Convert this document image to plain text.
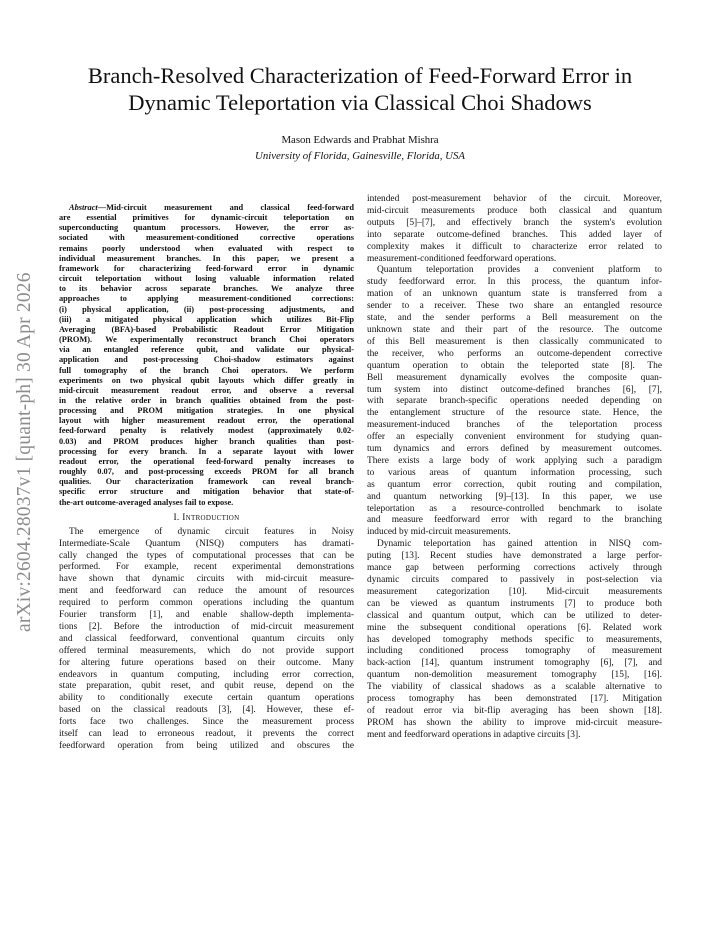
arXiv:2604.28037v1 [quant-ph] 30 Apr 2026
Branch-Resolved Characterization of Feed-Forward Error in
Dynamic Teleportation via Classical Choi Shadows
Mason Edwards and Prabhat Mishra
University of Florida, Gainesville, Florida, USA
Abstract—Mid-circuit measurement and classical feed-forward
are essential primitives for dynamic-circuit teleportation on
superconducting quantum processors. However, the error as-
sociated with measurement-conditioned corrective operations
remains poorly understood when evaluated with respect to
individual measurement branches. In this paper, we present a
framework for characterizing feed-forward error in dynamic
circuit teleportation without losing valuable information related
to its behavior across separate branches. We analyze three
approaches to applying measurement-conditioned corrections:
(i) physical application, (ii) post-processing adjustments, and
(iii) a mitigated physical application which utilizes Bit-Flip
Averaging (BFA)-based Probabilistic Readout Error Mitigation
(PROM). We experimentally reconstruct branch Choi operators
via an entangled reference qubit, and validate our physical-
application and post-processing Choi-shadow estimators against
full tomography of the branch Choi operators. We perform
experiments on two physical qubit layouts which differ greatly in
mid-circuit measurement readout error, and observe a reversal
in the relative order in branch qualities obtained from the post-
processing and PROM mitigation strategies. In one physical
layout with higher measurement readout error, the operational
feed-forward penalty is relatively modest (approximately 0.02-
0.03) and PROM produces higher branch qualities than post-
processing for every branch. In a separate layout with lower
readout error, the operational feed-forward penalty increases to
roughly 0.07, and post-processing exceeds PROM for all branch
qualities. Our characterization framework can reveal branch-
specific error structure and mitigation behavior that state-of-
the-art outcome-averaged analyses fail to expose.
I. Introduction
The emergence of dynamic circuit features in Noisy
Intermediate-Scale Quantum (NISQ) computers has dramati-
cally changed the types of computational processes that can be
performed. For example, recent experimental demonstrations
have shown that dynamic circuits with mid-circuit measure-
ment and feedforward can reduce the amount of resources
required to perform common operations including the quantum
Fourier transform [1], and enable shallow-depth implementa-
tions [2]. Before the introduction of mid-circuit measurement
and classical feedforward, conventional quantum circuits only
offered terminal measurements, which do not provide support
for altering future operations based on their outcome. Many
endeavors in quantum computing, including error correction,
state preparation, qubit reset, and qubit reuse, depend on the
ability to conditionally execute certain quantum operations
based on the classical readouts [3], [4]. However, these ef-
forts face two challenges. Since the measurement process
itself can lead to erroneous readout, it prevents the correct
feedforward operation from being utilized and obscures the
intended post-measurement behavior of the circuit. Moreover,
mid-circuit measurements produce both classical and quantum
outputs [5]–[7], and effectively branch the system's evolution
into separate outcome-defined branches. This added layer of
complexity makes it difficult to characterize error related to
measurement-conditioned feedforward operations.
Quantum teleportation provides a convenient platform to
study feedforward error. In this process, the quantum infor-
mation of an unknown quantum state is transferred from a
sender to a receiver. These two share an entangled resource
state, and the sender performs a Bell measurement on the
unknown state and their part of the resource. The outcome
of this Bell measurement is then classically communicated to
the receiver, who performs an outcome-dependent corrective
quantum operation to obtain the teleported state [8]. The
Bell measurement dynamically evolves the composite quan-
tum system into distinct outcome-defined branches [6], [7],
with separate branch-specific operations needed depending on
the entanglement structure of the resource state. Hence, the
measurement-induced branches of the teleportation process
offer an especially convenient environment for studying quan-
tum dynamics and errors defined by measurement outcomes.
There exists a large body of work applying such a paradigm
to various areas of quantum information processing, such
as quantum error correction, qubit routing and compilation,
and quantum networking [9]–[13]. In this paper, we use
teleportation as a resource-controlled benchmark to isolate
and measure feedforward error with regard to the branching
induced by mid-circuit measurements.
Dynamic teleportation has gained attention in NISQ com-
puting [13]. Recent studies have demonstrated a large perfor-
mance gap between performing corrections actively through
dynamic circuits compared to passively in post-selection via
measurement categorization [10]. Mid-circuit measurements
can be viewed as quantum instruments [7] to produce both
classical and quantum output, which can be utilized to deter-
mine the subsequent conditional operations [6]. Related work
has developed tomography methods specific to measurements,
including conditioned process tomography of measurement
back-action [14], quantum instrument tomography [6], [7], and
quantum non-demolition measurement tomography [15], [16].
The viability of classical shadows as a scalable alternative to
process tomography has been demonstrated [17]. Mitigation
of readout error via bit-flip averaging has been shown [18].
PROM has shown the ability to improve mid-circuit measure-
ment and feedforward operations in adaptive circuits [3].
